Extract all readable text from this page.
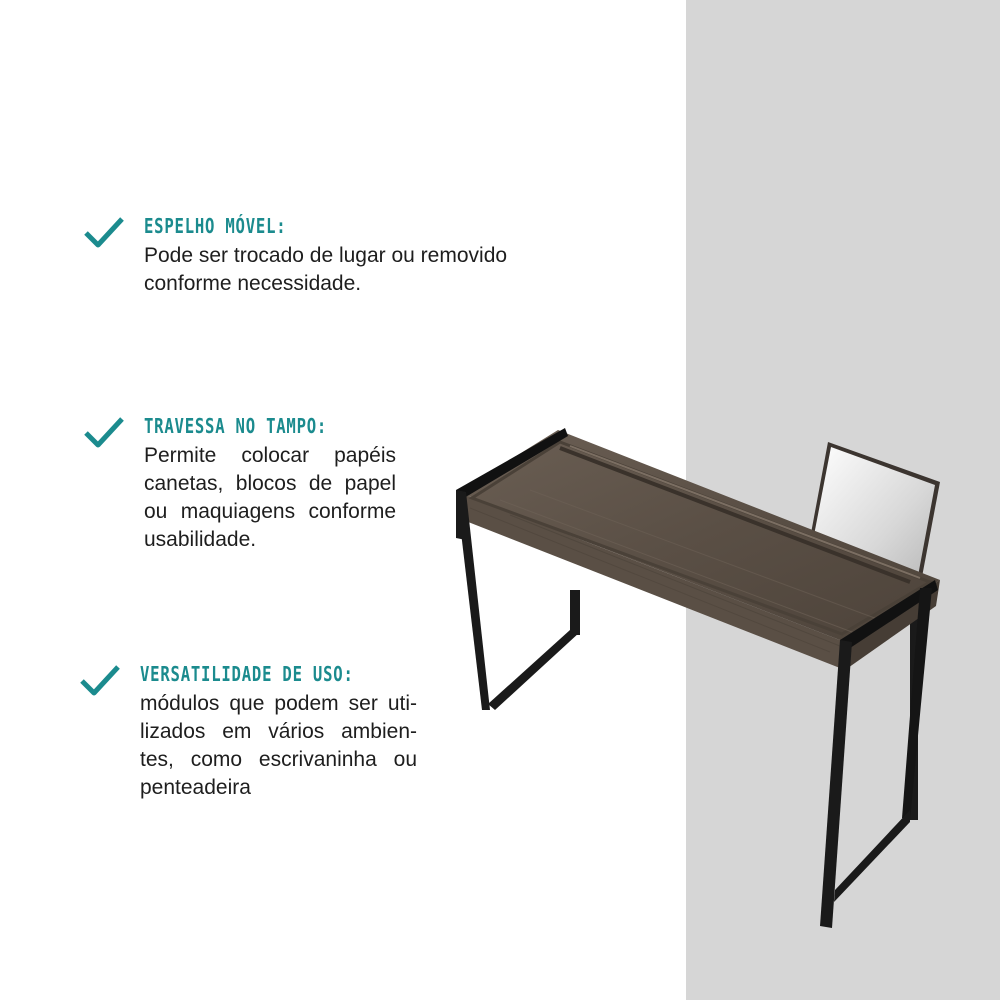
ESPELHO MÓVEL:
Pode ser trocado de lugar ou removido
conforme necessidade.
TRAVESSA NO TAMPO:
Permite colocar papéis
canetas, blocos de papel
ou maquiagens conforme
usabilidade.
VERSATILIDADE DE USO:
módulos que podem ser uti-
lizados em vários ambien-
tes, como escrivaninha ou
penteadeira
